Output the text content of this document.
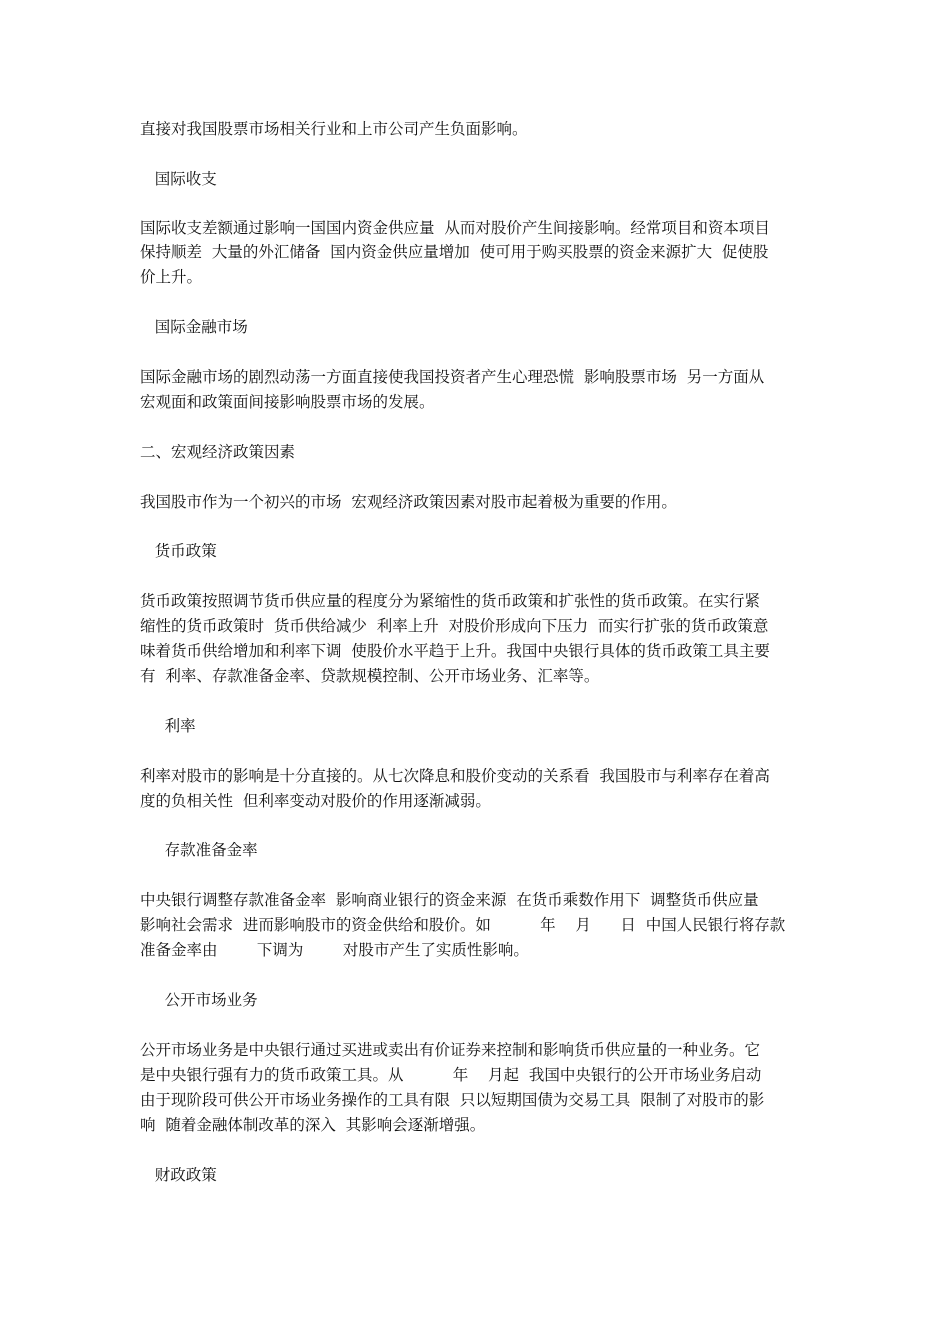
直接对我国股票市场相关行业和上市公司产生负面影响。
国际收支
国际收支差额通过影响一国国内资金供应量  从而对股价产生间接影响。经常项目和资本项目
保持顺差  大量的外汇储备  国内资金供应量增加  使可用于购买股票的资金来源扩大  促使股
价上升。
国际金融市场
国际金融市场的剧烈动荡一方面直接使我国投资者产生心理恐慌  影响股票市场  另一方面从
宏观面和政策面间接影响股票市场的发展。
二、宏观经济政策因素
我国股市作为一个初兴的市场  宏观经济政策因素对股市起着极为重要的作用。
货币政策
货币政策按照调节货币供应量的程度分为紧缩性的货币政策和扩张性的货币政策。在实行紧
缩性的货币政策时  货币供给减少  利率上升  对股价形成向下压力  而实行扩张的货币政策意
味着货币供给增加和利率下调  使股价水平趋于上升。我国中央银行具体的货币政策工具主要
有  利率、存款准备金率、贷款规模控制、公开市场业务、汇率等。
利率
利率对股市的影响是十分直接的。从七次降息和股价变动的关系看  我国股市与利率存在着高
度的负相关性  但利率变动对股价的作用逐渐减弱。
存款准备金率
中央银行调整存款准备金率  影响商业银行的资金来源  在货币乘数作用下  调整货币供应量
影响社会需求  进而影响股市的资金供给和股价。如          年    月      日  中国人民银行将存款
准备金率由        下调为        对股市产生了实质性影响。
公开市场业务
公开市场业务是中央银行通过买进或卖出有价证券来控制和影响货币供应量的一种业务。它
是中央银行强有力的货币政策工具。从          年    月起  我国中央银行的公开市场业务启动
由于现阶段可供公开市场业务操作的工具有限  只以短期国债为交易工具  限制了对股市的影
响  随着金融体制改革的深入  其影响会逐渐增强。
财政政策
